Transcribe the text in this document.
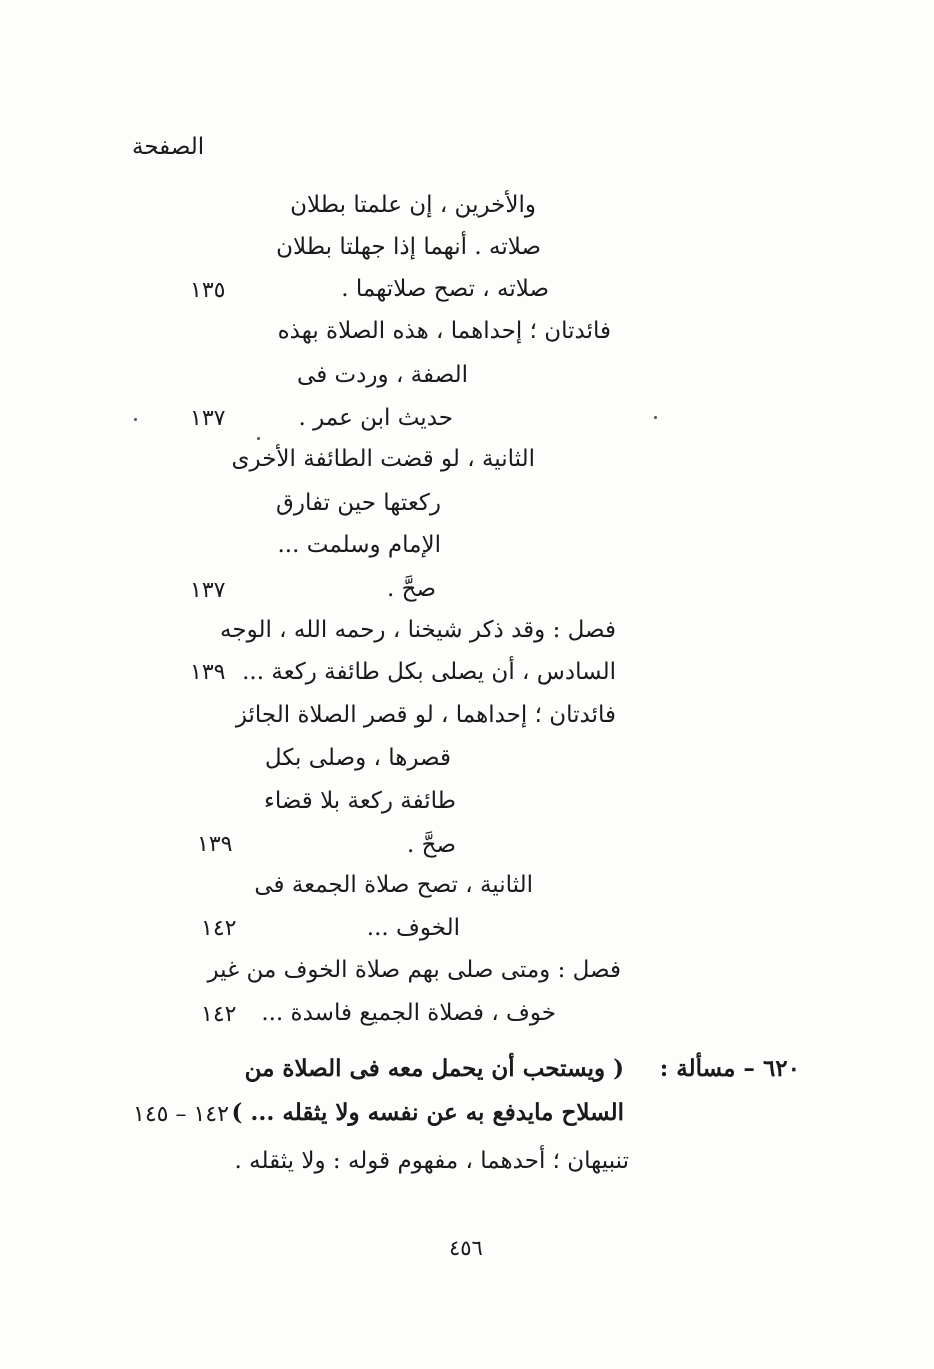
الصفحة
والأخرين ، إن علمتا بطلان
صلاته . أنهما إذا جهلتا بطلان
صلاته ، تصح صلاتهما .
١٣٥
فائدتان ؛ إحداهما ، هذه الصلاة بهذه
الصفة ، وردت فى
حديث ابن عمر .
١٣٧
الثانية ، لو قضت الطائفة الأخرى
ركعتها حين تفارق
الإمام وسلمت ...
صحَّ .
١٣٧
فصل : وقد ذكر شيخنا ، رحمه الله ، الوجه
السادس ، أن يصلى بكل طائفة ركعة ...
١٣٩
فائدتان ؛ إحداهما ، لو قصر الصلاة الجائز
قصرها ، وصلى بكل
طائفة ركعة بلا قضاء
صحَّ .
١٣٩
الثانية ، تصح صلاة الجمعة فى
الخوف ...
١٤٢
فصل : ومتى صلى بهم صلاة الخوف من غير
خوف ، فصلاة الجميع فاسدة ...
١٤٢
٦٢٠ – مسألة :
( ويستحب أن يحمل معه فى الصلاة من
السلاح مايدفع به عن نفسه ولا يثقله ... )
١٤٢ – ١٤٥
تنبيهان ؛ أحدهما ، مفهوم قوله : ولا يثقله .
٤٥٦
